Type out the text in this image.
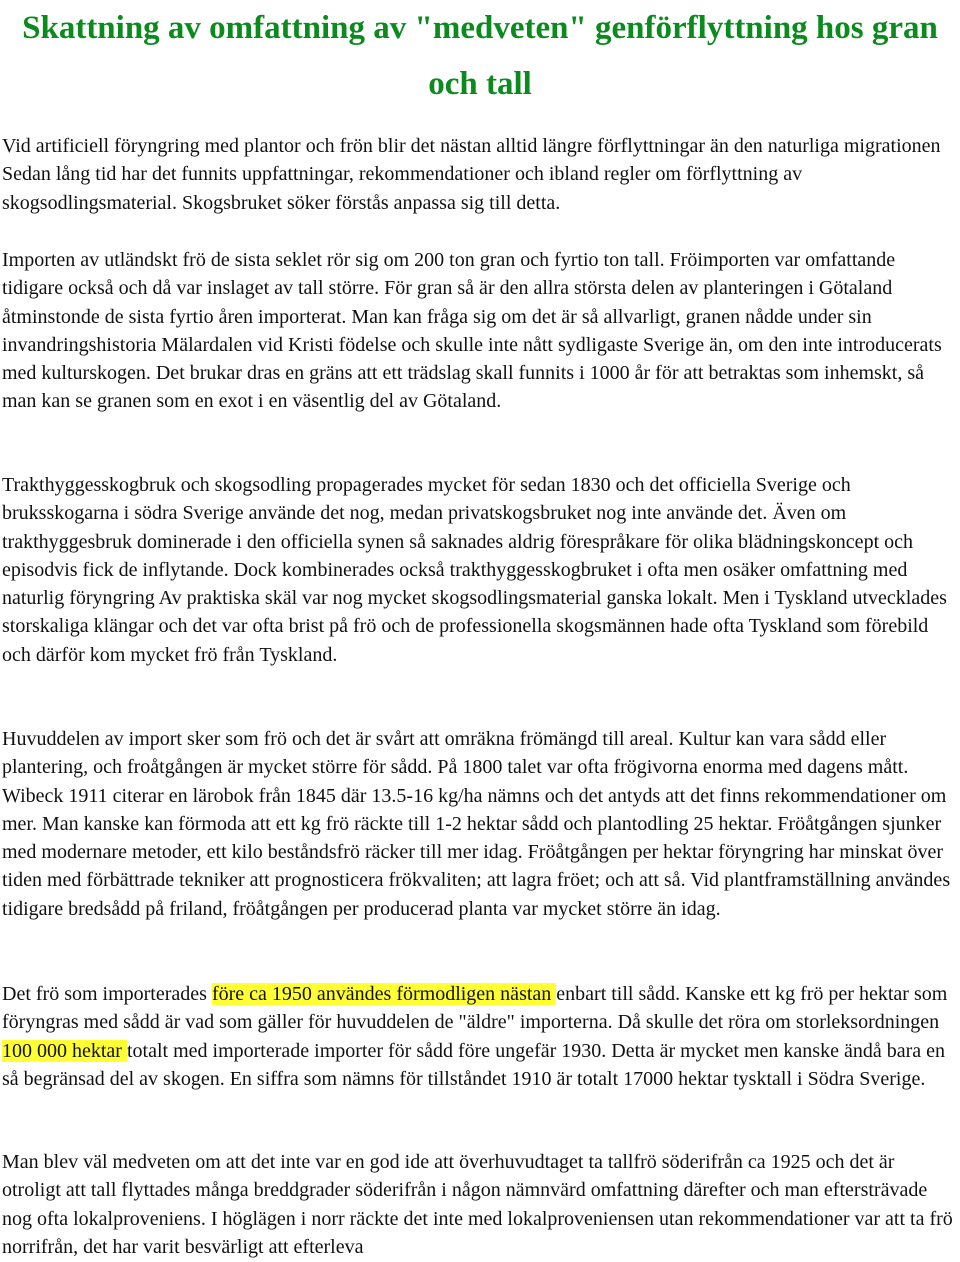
Skattning av omfattning av "medveten" genförflyttning hos gran och tall

Vid artificiell föryngring med plantor och frön blir det nästan alltid längre förflyttningar än den naturliga migrationen Sedan lång tid har det funnits uppfattningar, rekommendationer och ibland regler om förflyttning av skogsodlingsmaterial. Skogsbruket söker förstås anpassa sig till detta.

Importen av utländskt frö de sista seklet rör sig om 200 ton gran och fyrtio ton tall. Fröimporten var omfattande tidigare också och då var inslaget av tall större. För gran så är den allra största delen av planteringen i Götaland åtminstonde de sista fyrtio åren importerat. Man kan fråga sig om det är så allvarligt, granen nådde under sin invandringshistoria Mälardalen vid Kristi födelse och skulle inte nått sydligaste Sverige än, om den inte introducerats med kulturskogen. Det brukar dras en gräns att ett trädslag skall funnits i 1000 år för att betraktas som inhemskt, så man kan se granen som en exot i en väsentlig del av Götaland.

Trakthyggesskogbruk och skogsodling propagerades mycket för sedan 1830 och det officiella Sverige och bruksskogarna i södra Sverige använde det nog, medan privatskogsbruket nog inte använde det. Även om trakthyggesbruk dominerade i den officiella synen så saknades aldrig förespråkare för olika blädningskoncept och episodvis fick de inflytande. Dock kombinerades också trakthyggesskogbruket i ofta men osäker omfattning med naturlig föryngring Av praktiska skäl var nog mycket skogsodlingsmaterial ganska lokalt. Men i Tyskland utvecklades storskaliga klängar och det var ofta brist på frö och de professionella skogsmännen hade ofta Tyskland som förebild och därför kom mycket frö från Tyskland.

Huvuddelen av import sker som frö och det är svårt att omräkna frömängd till areal. Kultur kan vara sådd eller plantering, och froåtgången är mycket större för sådd. På 1800 talet var ofta frögivorna enorma med dagens mått. Wibeck 1911 citerar en lärobok från 1845 där 13.5-16 kg/ha nämns och det antyds att det finns rekommendationer om mer. Man kanske kan förmoda att ett kg frö räckte till 1-2 hektar sådd och plantodling 25 hektar. Fröåtgången sjunker med modernare metoder, ett kilo beståndsfrö räcker till mer idag. Fröåtgången per hektar föryngring har minskat över tiden med förbättrade tekniker att prognosticera frökvaliten; att lagra fröet; och att så. Vid plantframställning användes tidigare bredsådd på friland, fröåtgången per producerad planta var mycket större än idag.

Det frö som importerades före ca 1950 användes förmodligen nästan enbart till sådd. Kanske ett kg frö per hektar som föryngras med sådd är vad som gäller för huvuddelen de "äldre" importerna. Då skulle det röra om storleksordningen 100 000 hektar totalt med importerade importer för sådd före ungefär 1930. Detta är mycket men kanske ändå bara en så begränsad del av skogen. En siffra som nämns för tillståndet 1910 är totalt 17000 hektar tysktall i Södra Sverige.

Man blev väl medveten om att det inte var en god ide att överhuvudtaget ta tallfrö söderifrån ca 1925 och det är otroligt att tall flyttades många breddgrader söderifrån i någon nämnvärd omfattning därefter och man eftersträvade nog ofta lokalproveniens. I höglägen i norr räckte det inte med lokalproveniensen utan rekommendationer var att ta frö norrifrån, det har varit besvärligt att efterleva
